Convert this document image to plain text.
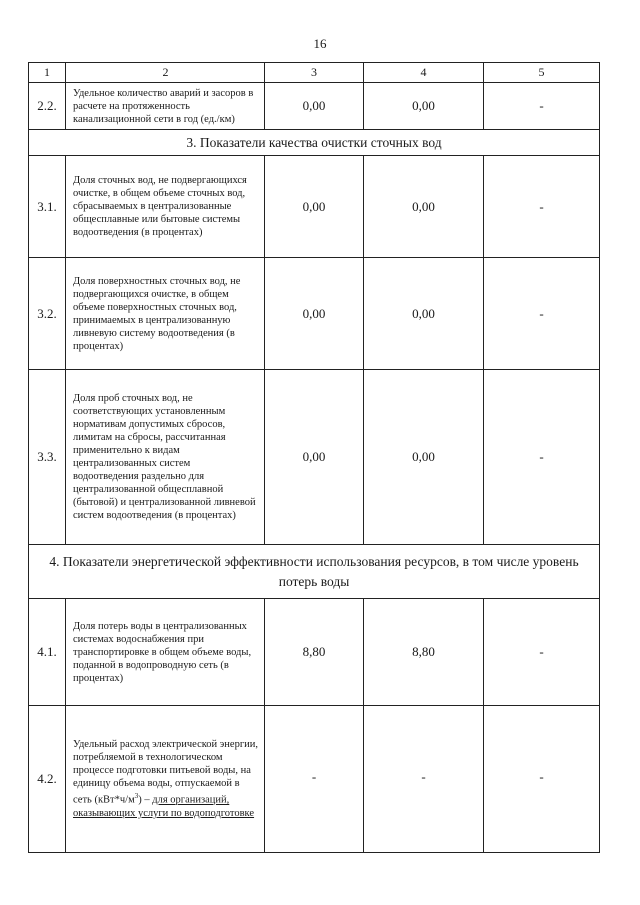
16
1	2	3	4	5
2.2.
Удельное количество аварий и засоров в расчете на протяженность канализационной сети в год (ед./км)
0,00	0,00	-
3. Показатели качества очистки сточных вод
3.1.
Доля сточных вод, не подвергающихся очистке, в общем объеме сточных вод, сбрасываемых в централизованные общесплавные или бытовые системы водоотведения (в процентах)
0,00	0,00	-
3.2.
Доля поверхностных сточных вод, не подвергающихся очистке, в общем объеме поверхностных сточных вод, принимаемых в централизованную ливневую систему водоотведения (в процентах)
0,00	0,00	-
3.3.
Доля проб сточных вод, не соответствующих установленным нормативам допустимых сбросов, лимитам на сбросы, рассчитанная применительно к видам централизованных систем водоотведения раздельно для централизованной общесплавной (бытовой) и централизованной ливневой систем водоотведения (в процентах)
0,00	0,00	-
4. Показатели энергетической эффективности использования ресурсов, в том числе уровень потерь воды
4.1.
Доля потерь воды в централизованных системах водоснабжения при транспортировке в общем объеме воды, поданной в водопроводную сеть (в процентах)
8,80	8,80	-
4.2.
Удельный расход электрической энергии, потребляемой в технологическом процессе подготовки питьевой воды, на единицу объема воды, отпускаемой в сеть $(кВт*ч/м^3)$ – для организаций, оказывающих услуги по водоподготовке
-	-	-
